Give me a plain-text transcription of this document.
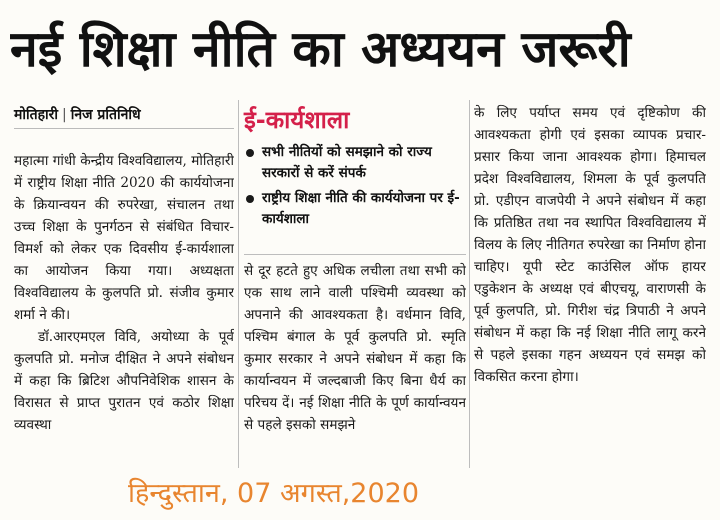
नई शिक्षा नीति का अध्ययन जरूरी
मोतिहारी | निज प्रतिनिधि

महात्मा गांधी केन्द्रीय विश्वविद्यालय, मोतिहारी में राष्ट्रीय शिक्षा नीति 2020 की कार्ययोजना के क्रियान्वयन की रुपरेखा, संचालन तथा उच्च शिक्षा के पुनर्गठन से संबंधित विचार-विमर्श को लेकर एक दिवसीय ई-कार्यशाला का आयोजन किया गया। अध्यक्षता विश्वविद्यालय के कुलपति प्रो. संजीव कुमार शर्मा ने की।

डॉ.आरएमएल विवि, अयोध्या के पूर्व कुलपति प्रो. मनोज दीक्षित ने अपने संबोधन में कहा कि ब्रिटिश औपनिवेशिक शासन के विरासत से प्राप्त पुरातन एवं कठोर शिक्षा व्यवस्था

ई-कार्यशाला
सभी नीतियों को समझाने को राज्य सरकारों से करें संपर्क
राष्ट्रीय शिक्षा नीति की कार्ययोजना पर ई-कार्यशाला

से दूर हटते हुए अधिक लचीला तथा सभी को एक साथ लाने वाली पश्चिमी व्यवस्था को अपनाने की आवश्यकता है। वर्धमान विवि, पश्चिम बंगाल के पूर्व कुलपति प्रो. स्मृति कुमार सरकार ने अपने संबोधन में कहा कि कार्यान्वयन में जल्दबाजी किए बिना धैर्य का परिचय दें। नई शिक्षा नीति के पूर्ण कार्यान्वयन से पहले इसको समझने

के लिए पर्याप्त समय एवं दृष्टिकोण की आवश्यकता होगी एवं इसका व्यापक प्रचार-प्रसार किया जाना आवश्यक होगा। हिमाचल प्रदेश विश्वविद्यालय, शिमला के पूर्व कुलपति प्रो. एडीएन वाजपेयी ने अपने संबोधन में कहा कि प्रतिष्ठित तथा नव स्थापित विश्वविद्यालय में विलय के लिए नीतिगत रुपरेखा का निर्माण होना चाहिए। यूपी स्टेट काउंसिल ऑफ हायर एडुकेशन के अध्यक्ष एवं बीएचयू, वाराणसी के पूर्व कुलपति, प्रो. गिरीश चंद्र त्रिपाठी ने अपने संबोधन में कहा कि नई शिक्षा नीति लागू करने से पहले इसका गहन अध्ययन एवं समझ को विकसित करना होगा।

हिन्दुस्तान, 07 अगस्त,2020
